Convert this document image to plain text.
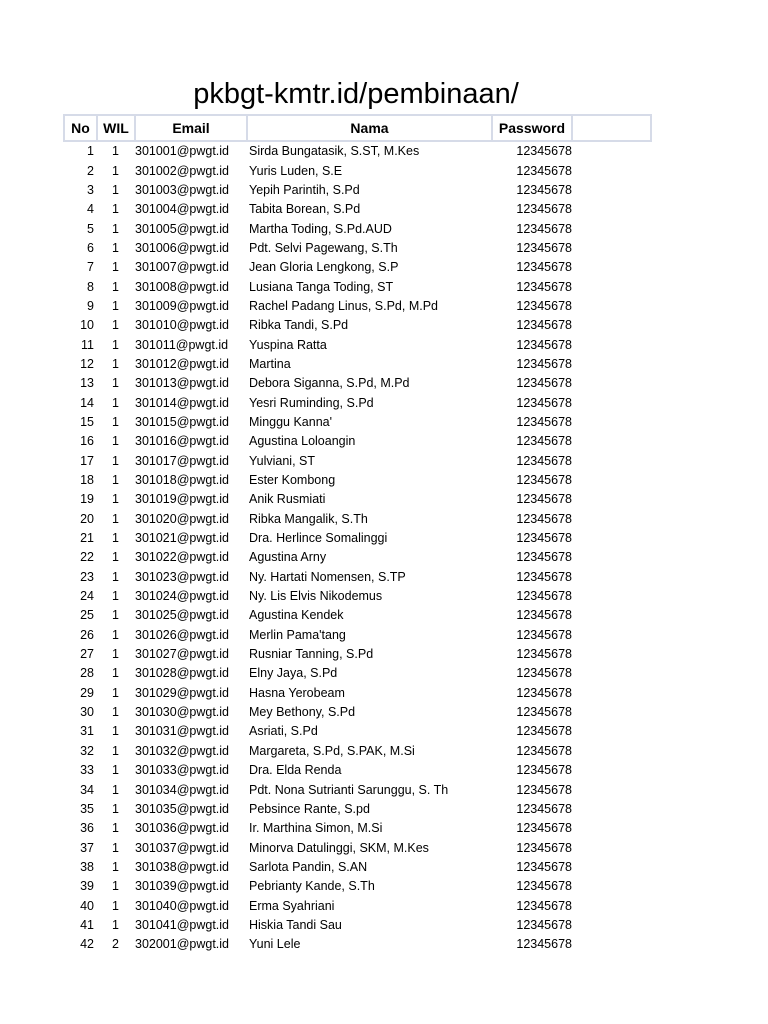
pkbgt-kmtr.id/pembinaan/
No	WIL	Email	Nama	Password	
1	1	301001@pwgt.id	Sirda Bungatasik, S.ST, M.Kes	12345678	
2	1	301002@pwgt.id	Yuris Luden, S.E	12345678	
3	1	301003@pwgt.id	Yepih Parintih, S.Pd	12345678	
4	1	301004@pwgt.id	Tabita Borean, S.Pd	12345678	
5	1	301005@pwgt.id	Martha Toding, S.Pd.AUD	12345678	
6	1	301006@pwgt.id	Pdt. Selvi Pagewang, S.Th	12345678	
7	1	301007@pwgt.id	Jean Gloria Lengkong, S.P	12345678	
8	1	301008@pwgt.id	Lusiana Tanga Toding, ST	12345678	
9	1	301009@pwgt.id	Rachel Padang Linus, S.Pd, M.Pd	12345678	
10	1	301010@pwgt.id	Ribka Tandi, S.Pd	12345678	
11	1	301011@pwgt.id	Yuspina Ratta	12345678	
12	1	301012@pwgt.id	Martina	12345678	
13	1	301013@pwgt.id	Debora Siganna, S.Pd, M.Pd	12345678	
14	1	301014@pwgt.id	Yesri Ruminding, S.Pd	12345678	
15	1	301015@pwgt.id	Minggu Kanna'	12345678	
16	1	301016@pwgt.id	Agustina Loloangin	12345678	
17	1	301017@pwgt.id	Yulviani, ST	12345678	
18	1	301018@pwgt.id	Ester Kombong	12345678	
19	1	301019@pwgt.id	Anik Rusmiati	12345678	
20	1	301020@pwgt.id	Ribka Mangalik, S.Th	12345678	
21	1	301021@pwgt.id	Dra. Herlince Somalinggi	12345678	
22	1	301022@pwgt.id	Agustina Arny	12345678	
23	1	301023@pwgt.id	Ny. Hartati Nomensen, S.TP	12345678	
24	1	301024@pwgt.id	Ny. Lis Elvis Nikodemus	12345678	
25	1	301025@pwgt.id	Agustina Kendek	12345678	
26	1	301026@pwgt.id	Merlin Pama'tang	12345678	
27	1	301027@pwgt.id	Rusniar Tanning, S.Pd	12345678	
28	1	301028@pwgt.id	Elny Jaya, S.Pd	12345678	
29	1	301029@pwgt.id	Hasna Yerobeam	12345678	
30	1	301030@pwgt.id	Mey Bethony, S.Pd	12345678	
31	1	301031@pwgt.id	Asriati, S.Pd	12345678	
32	1	301032@pwgt.id	Margareta, S.Pd, S.PAK, M.Si	12345678	
33	1	301033@pwgt.id	Dra. Elda Renda	12345678	
34	1	301034@pwgt.id	Pdt. Nona Sutrianti Sarunggu, S. Th	12345678	
35	1	301035@pwgt.id	Pebsince Rante, S.pd	12345678	
36	1	301036@pwgt.id	Ir. Marthina Simon, M.Si	12345678	
37	1	301037@pwgt.id	Minorva Datulinggi, SKM, M.Kes	12345678	
38	1	301038@pwgt.id	Sarlota Pandin, S.AN	12345678	
39	1	301039@pwgt.id	Pebrianty Kande, S.Th	12345678	
40	1	301040@pwgt.id	Erma Syahriani	12345678	
41	1	301041@pwgt.id	Hiskia Tandi Sau	12345678	
42	2	302001@pwgt.id	Yuni Lele	12345678	
